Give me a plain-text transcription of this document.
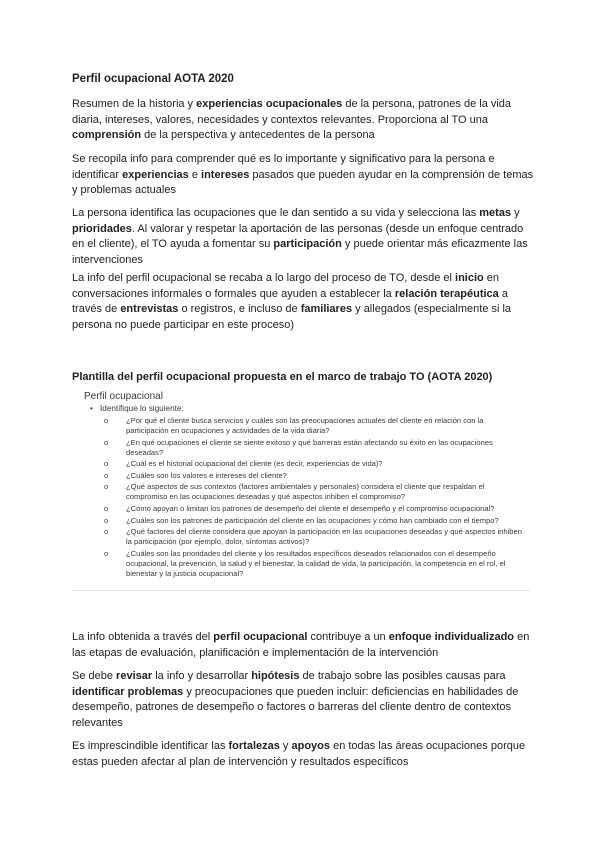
Perfil ocupacional AOTA 2020

Resumen de la historia y experiencias ocupacionales de la persona, patrones de la vida diaria, intereses, valores, necesidades y contextos relevantes. Proporciona al TO una comprensión de la perspectiva y antecedentes de la persona

Se recopila info para comprender qué es lo importante y significativo para la persona e identificar experiencias e intereses pasados que pueden ayudar en la comprensión de temas y problemas actuales

La persona identifica las ocupaciones que le dan sentido a su vida y selecciona las metas y prioridades. Al valorar y respetar la aportación de las personas (desde un enfoque centrado en el cliente), el TO ayuda a fomentar su participación y puede orientar más eficazmente las intervenciones

La info del perfil ocupacional se recaba a lo largo del proceso de TO, desde el inicio en conversaciones informales o formales que ayuden a establecer la relación terapéutica a través de entrevistas o registros, e incluso de familiares y allegados (especialmente si la persona no puede participar en este proceso)

Plantilla del perfil ocupacional propuesta en el marco de trabajo TO (AOTA 2020)

Perfil ocupacional

• Identifique lo siguiente:

o	¿Por qué el cliente busca servicios y cuáles son las preocupaciones actuales del cliente en relación con la participación en ocupaciones y actividades de la vida diaria?
o	¿En qué ocupaciones el cliente se siente exitoso y qué barreras están afectando su éxito en las ocupaciones deseadas?
o	¿Cuál es el historial ocupacional del cliente (es decir, experiencias de vida)?
o	¿Cuáles son los valores e intereses del cliente?
o	¿Qué aspectos de sus contextos (factores ambientales y personales) considera el cliente que respaldan el compromiso en las ocupaciones deseadas y qué aspectos inhiben el compromiso?
o	¿Cómo apoyan o limitan los patrones de desempeño del cliente el desempeño y el compromiso ocupacional?
o	¿Cuáles son los patrones de participación del cliente en las ocupaciones y cómo han cambiado con el tiempo?
o	¿Qué factores del cliente considera que apoyan la participación en las ocupaciones deseadas y qué aspectos inhiben la participación (por ejemplo, dolor, síntomas activos)?
o	¿Cuáles son las prioridades del cliente y los resultados específicos deseados relacionados con el desempeño ocupacional, la prevención, la salud y el bienestar, la calidad de vida, la participación, la competencia en el rol, el bienestar y la justicia ocupacional?

La info obtenida a través del perfil ocupacional contribuye a un enfoque individualizado en las etapas de evaluación, planificación e implementación de la intervención

Se debe revisar la info y desarrollar hipótesis de trabajo sobre las posibles causas para identificar problemas y preocupaciones que pueden incluir: deficiencias en habilidades de desempeño, patrones de desempeño o factores o barreras del cliente dentro de contextos relevantes

Es imprescindible identificar las fortalezas y apoyos en todas las áreas ocupaciones porque estas pueden afectar al plan de intervención y resultados específicos
